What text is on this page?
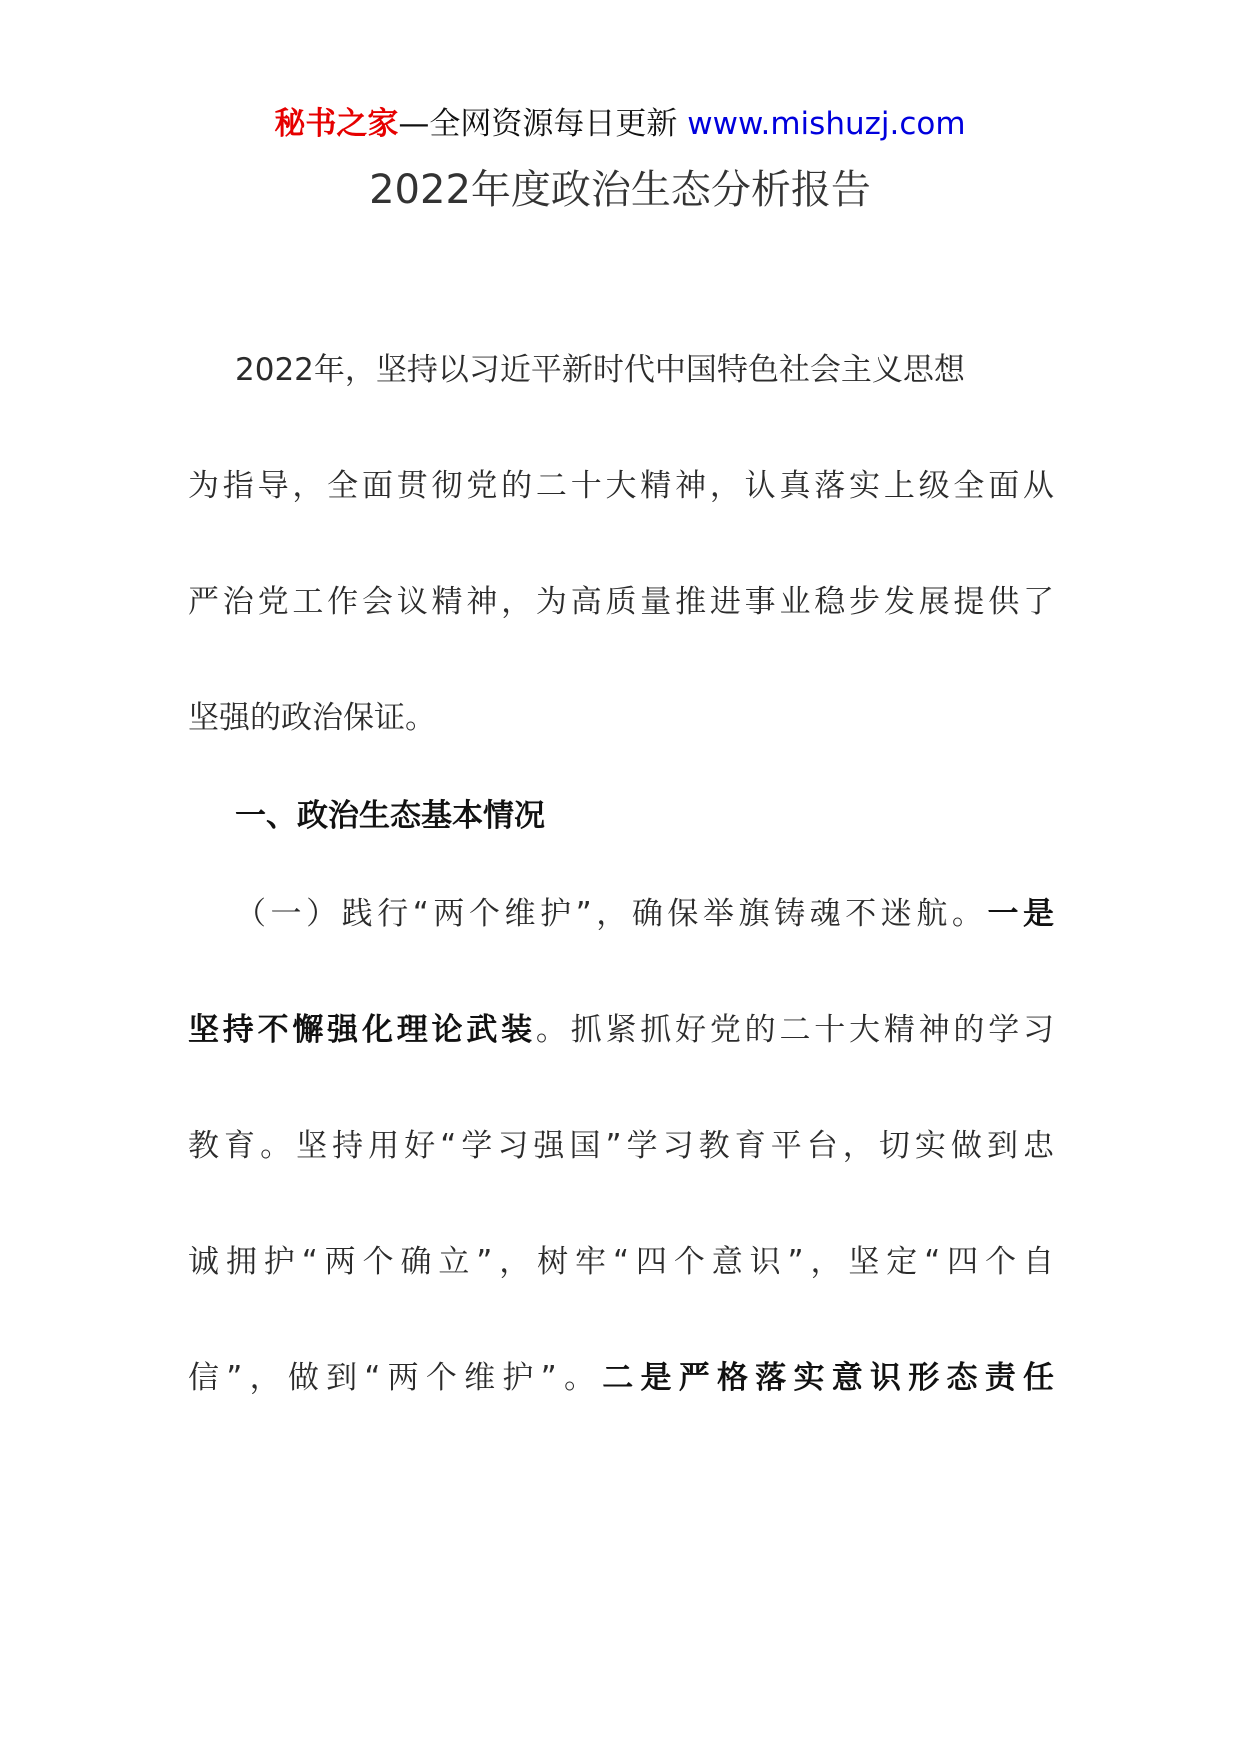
秘书之家—全网资源每日更新 www.mishuzj.com
2022年度政治生态分析报告
2022年，坚持以习近平新时代中国特色社会主义思想
为指导，全面贯彻党的二十大精神，认真落实上级全面从
严治党工作会议精神，为高质量推进事业稳步发展提供了
坚强的政治保证。
一、政治生态基本情况
（一）践行“两个维护”，确保举旗铸魂不迷航。一是
坚持不懈强化理论武装。抓紧抓好党的二十大精神的学习
教育。坚持用好“学习强国”学习教育平台，切实做到忠
诚拥护“两个确立”，树牢“四个意识”，坚定“四个自
信”，做到“两个维护”。二是严格落实意识形态责任
